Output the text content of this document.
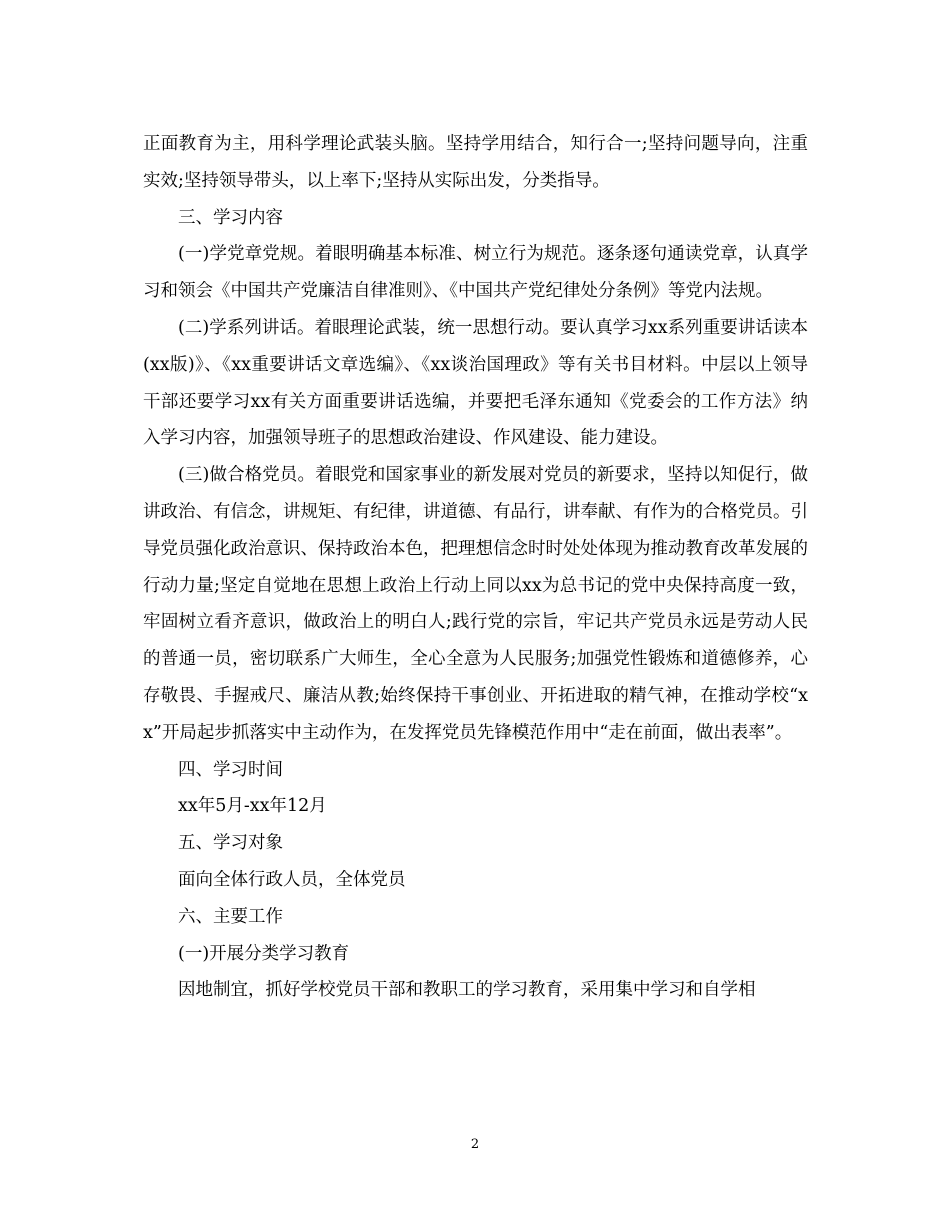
正面教育为主，用科学理论武装头脑。坚持学用结合，知行合一;坚持问题导向，注重实效;坚持领导带头，以上率下;坚持从实际出发，分类指导。

三、学习内容

(一)学党章党规。着眼明确基本标准、树立行为规范。逐条逐句通读党章，认真学习和领会《中国共产党廉洁自律准则》、《中国共产党纪律处分条例》等党内法规。

(二)学系列讲话。着眼理论武装，统一思想行动。要认真学习xx系列重要讲话读本(xx版)》、《xx重要讲话文章选编》、《xx谈治国理政》等有关书目材料。中层以上领导干部还要学习xx有关方面重要讲话选编，并要把毛泽东通知《党委会的工作方法》纳入学习内容，加强领导班子的思想政治建设、作风建设、能力建设。

(三)做合格党员。着眼党和国家事业的新发展对党员的新要求，坚持以知促行，做讲政治、有信念，讲规矩、有纪律，讲道德、有品行，讲奉献、有作为的合格党员。引导党员强化政治意识、保持政治本色，把理想信念时时处处体现为推动教育改革发展的行动力量;坚定自觉地在思想上政治上行动上同以xx为总书记的党中央保持高度一致，牢固树立看齐意识，做政治上的明白人;践行党的宗旨，牢记共产党员永远是劳动人民的普通一员，密切联系广大师生，全心全意为人民服务;加强党性锻炼和道德修养，心存敬畏、手握戒尺、廉洁从教;始终保持干事创业、开拓进取的精气神，在推动学校“xx”开局起步抓落实中主动作为，在发挥党员先锋模范作用中“走在前面，做出表率”。

四、学习时间

xx年5月-xx年12月

五、学习对象

面向全体行政人员，全体党员

六、主要工作

(一)开展分类学习教育

因地制宜，抓好学校党员干部和教职工的学习教育，采用集中学习和自学相

2
